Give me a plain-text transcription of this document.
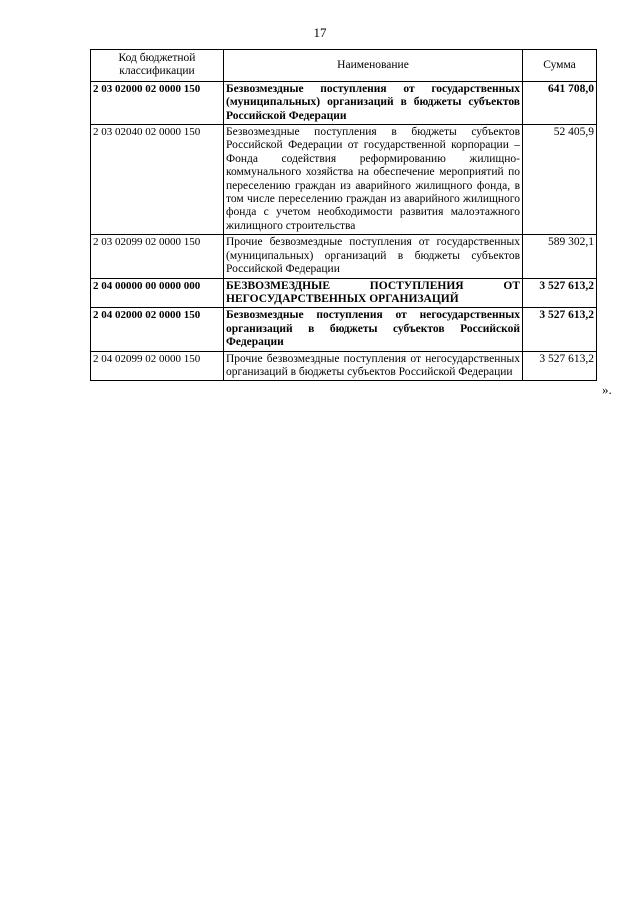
17
Код бюджетной классификации	Наименование	Сумма
2 03 02000 02 0000 150	Безвозмездные поступления от государственных (муниципальных) организаций в бюджеты субъектов Российской Федерации	641 708,0
2 03 02040 02 0000 150	Безвозмездные поступления в бюджеты субъектов Российской Федерации от государственной корпорации – Фонда содействия реформированию жилищно-коммунального хозяйства на обеспечение мероприятий по переселению граждан из аварийного жилищного фонда, в том числе переселению граждан из аварийного жилищного фонда с учетом необходимости развития малоэтажного жилищного строительства	52 405,9
2 03 02099 02 0000 150	Прочие безвозмездные поступления от государственных (муниципальных) организаций в бюджеты субъектов Российской Федерации	589 302,1
2 04 00000 00 0000 000	БЕЗВОЗМЕЗДНЫЕ ПОСТУПЛЕНИЯ ОТ НЕГОСУДАРСТВЕННЫХ ОРГАНИЗАЦИЙ	3 527 613,2
2 04 02000 02 0000 150	Безвозмездные поступления от негосударственных организаций в бюджеты субъектов Российской Федерации	3 527 613,2
2 04 02099 02 0000 150	Прочие безвозмездные поступления от негосударственных организаций в бюджеты субъектов Российской Федерации	3 527 613,2
».
